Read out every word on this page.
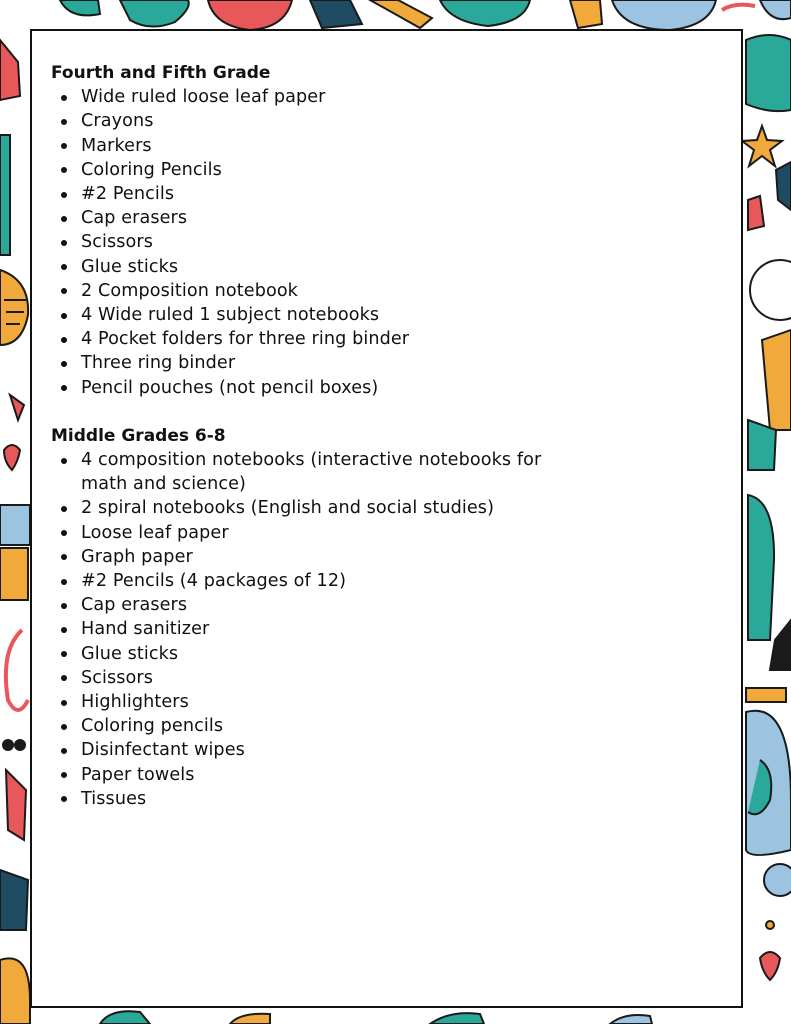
Fourth and Fifth Grade
Wide ruled loose leaf paper
Crayons
Markers
Coloring Pencils
#2 Pencils
Cap erasers
Scissors
Glue sticks
2 Composition notebook
4 Wide ruled 1 subject notebooks
4 Pocket folders for three ring binder
Three ring binder
Pencil pouches (not pencil boxes)
Middle Grades 6-8
4 composition notebooks (interactive notebooks for math and science)
2 spiral notebooks (English and social studies)
Loose leaf paper
Graph paper
#2 Pencils (4 packages of 12)
Cap erasers
Hand sanitizer
Glue sticks
Scissors
Highlighters
Coloring pencils
Disinfectant wipes
Paper towels
Tissues
